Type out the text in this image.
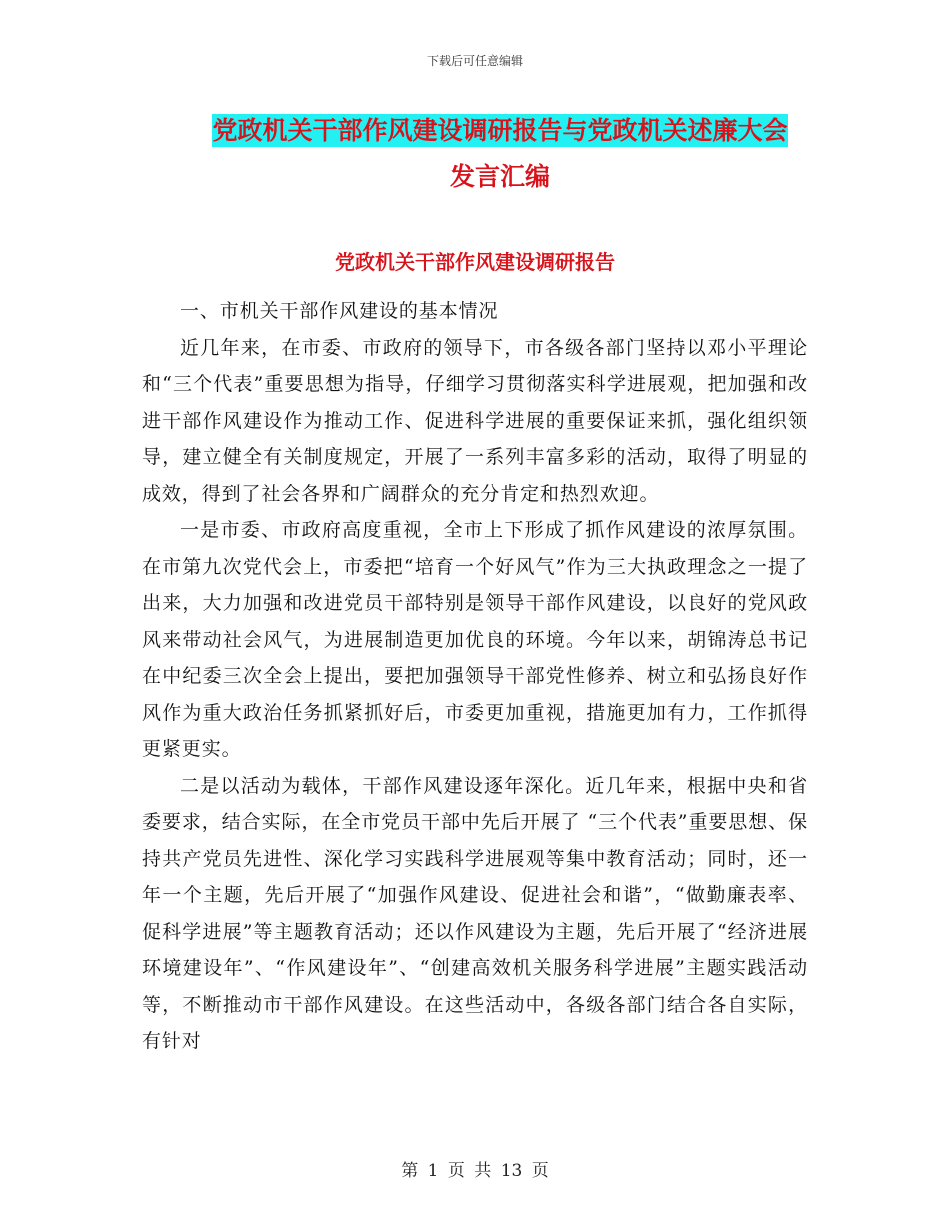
下载后可任意编辑
党政机关干部作风建设调研报告与党政机关述廉大会
发言汇编
党政机关干部作风建设调研报告

一、市机关干部作风建设的基本情况

近几年来，在市委、市政府的领导下，市各级各部门坚持以邓小平理论和“三个代表”重要思想为指导，仔细学习贯彻落实科学进展观，把加强和改进干部作风建设作为推动工作、促进科学进展的重要保证来抓，强化组织领导，建立健全有关制度规定，开展了一系列丰富多彩的活动，取得了明显的成效，得到了社会各界和广阔群众的充分肯定和热烈欢迎。

一是市委、市政府高度重视，全市上下形成了抓作风建设的浓厚氛围。在市第九次党代会上，市委把“培育一个好风气”作为三大执政理念之一提了出来，大力加强和改进党员干部特别是领导干部作风建设，以良好的党风政风来带动社会风气，为进展制造更加优良的环境。今年以来，胡锦涛总书记在中纪委三次全会上提出，要把加强领导干部党性修养、树立和弘扬良好作风作为重大政治任务抓紧抓好后，市委更加重视，措施更加有力，工作抓得更紧更实。

二是以活动为载体，干部作风建设逐年深化。近几年来，根据中央和省委要求，结合实际，在全市党员干部中先后开展了 “三个代表”重要思想、保持共产党员先进性、深化学习实践科学进展观等集中教育活动；同时，还一年一个主题，先后开展了“加强作风建设、促进社会和谐”，“做勤廉表率、促科学进展”等主题教育活动；还以作风建设为主题，先后开展了“经济进展环境建设年”、“作风建设年”、“创建高效机关服务科学进展”主题实践活动等，不断推动市干部作风建设。在这些活动中，各级各部门结合各自实际，有针对

第 1 页 共 13 页
